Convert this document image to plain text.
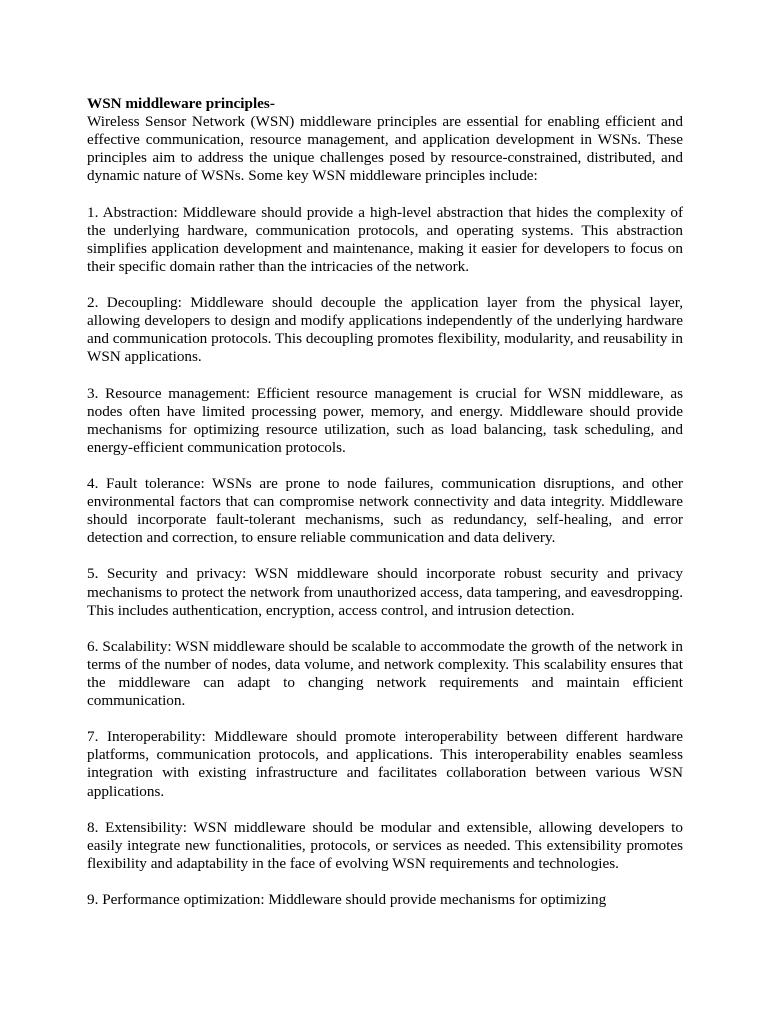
WSN middleware principles-

Wireless Sensor Network (WSN) middleware principles are essential for enabling efficient and effective communication, resource management, and application development in WSNs. These principles aim to address the unique challenges posed by resource-constrained, distributed, and dynamic nature of WSNs. Some key WSN middleware principles include:

1. Abstraction: Middleware should provide a high-level abstraction that hides the complexity of the underlying hardware, communication protocols, and operating systems. This abstraction simplifies application development and maintenance, making it easier for developers to focus on their specific domain rather than the intricacies of the network.

2. Decoupling: Middleware should decouple the application layer from the physical layer, allowing developers to design and modify applications independently of the underlying hardware and communication protocols. This decoupling promotes flexibility, modularity, and reusability in WSN applications.

3. Resource management: Efficient resource management is crucial for WSN middleware, as nodes often have limited processing power, memory, and energy. Middleware should provide mechanisms for optimizing resource utilization, such as load balancing, task scheduling, and energy-efficient communication protocols.

4. Fault tolerance: WSNs are prone to node failures, communication disruptions, and other environmental factors that can compromise network connectivity and data integrity. Middleware should incorporate fault-tolerant mechanisms, such as redundancy, self-healing, and error detection and correction, to ensure reliable communication and data delivery.

5. Security and privacy: WSN middleware should incorporate robust security and privacy mechanisms to protect the network from unauthorized access, data tampering, and eavesdropping. This includes authentication, encryption, access control, and intrusion detection.

6. Scalability: WSN middleware should be scalable to accommodate the growth of the network in terms of the number of nodes, data volume, and network complexity. This scalability ensures that the middleware can adapt to changing network requirements and maintain efficient communication.

7. Interoperability: Middleware should promote interoperability between different hardware platforms, communication protocols, and applications. This interoperability enables seamless integration with existing infrastructure and facilitates collaboration between various WSN applications.

8. Extensibility: WSN middleware should be modular and extensible, allowing developers to easily integrate new functionalities, protocols, or services as needed. This extensibility promotes flexibility and adaptability in the face of evolving WSN requirements and technologies.

9. Performance optimization: Middleware should provide mechanisms for optimizing
